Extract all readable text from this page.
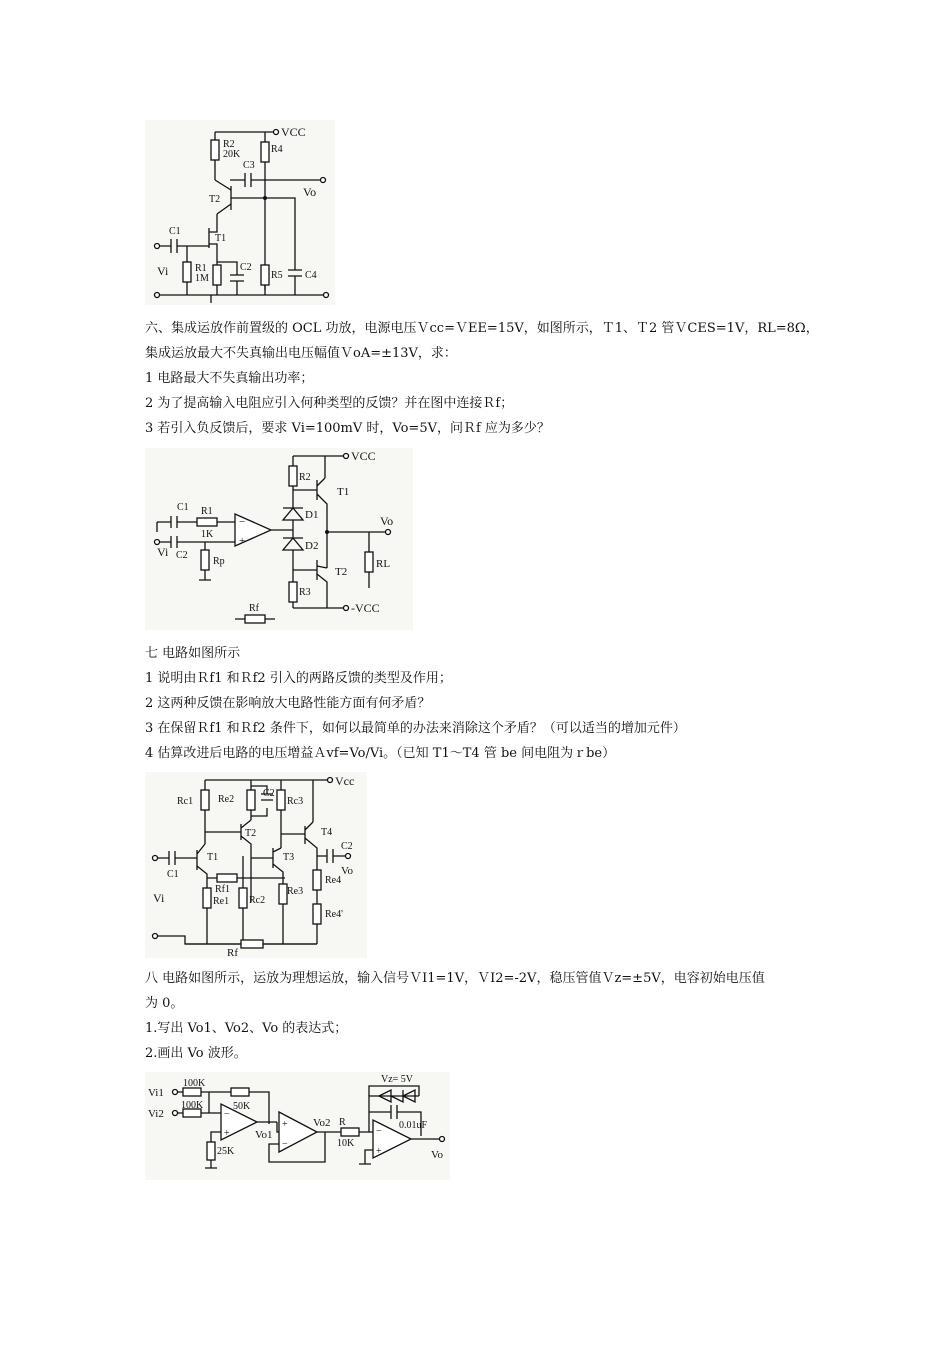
VCC
R2
20K	R4
C3
Vo
T2
T1
C1
Vi	R1
1M
C2
R5 C4
六、集成运放作前置级的 OCL 功放，电源电压Ｖcc=ＶEE=15V，如图所示，Ｔ1、Ｔ2 管ＶCES=1V，RL=8Ω，
集成运放最大不失真输出电压幅值ＶoA=±13V，求：
1 电路最大不失真输出功率；
2 为了提高输入电阻应引入何种类型的反馈？并在图中连接Ｒf；
3 若引入负反馈后，要求 Vi=100mV 时，Vo=5V，问Ｒf 应为多少？
VCC
R2
T1
D1
D2
Vo
RL
T2
R3
-VCC
−
+
R1
1K
C1
C2
Vi
Rp
Rf
七 电路如图所示
1 说明由Ｒf1 和Ｒf2 引入的两路反馈的类型及作用；
2 这两种反馈在影响放大电路性能方面有何矛盾？
3 在保留Ｒf1 和Ｒf2 条件下，如何以最简单的办法来消除这个矛盾？（可以适当的增加元件）
4 估算改进后电路的电压增益Ａvf=Vo/Vi。（已知 T1～T4 管 be 间电阻为ｒbe）
Vcc
Rc1 Re2
C2
Rc3
T2	T4
C2
Vo
Re4
Re4'
T1
C1
Vi
Rf1
Re1 Rc2
T3
Re3
Rf
八 电路如图所示，运放为理想运放，输入信号ＶI1=1V，ＶI2=-2V，稳压管值Ｖz=±5V，电容初始电压值
为 0。
1.写出 Vo1、Vo2、Vo 的表达式；
2.画出 Vo 波形。
Vi1
100K
Vi2
100K	50K
−
+ Vo1
25K
+
−
Vo2 R
10K
0.01uF
Vz= 5V
−
+	Vo
